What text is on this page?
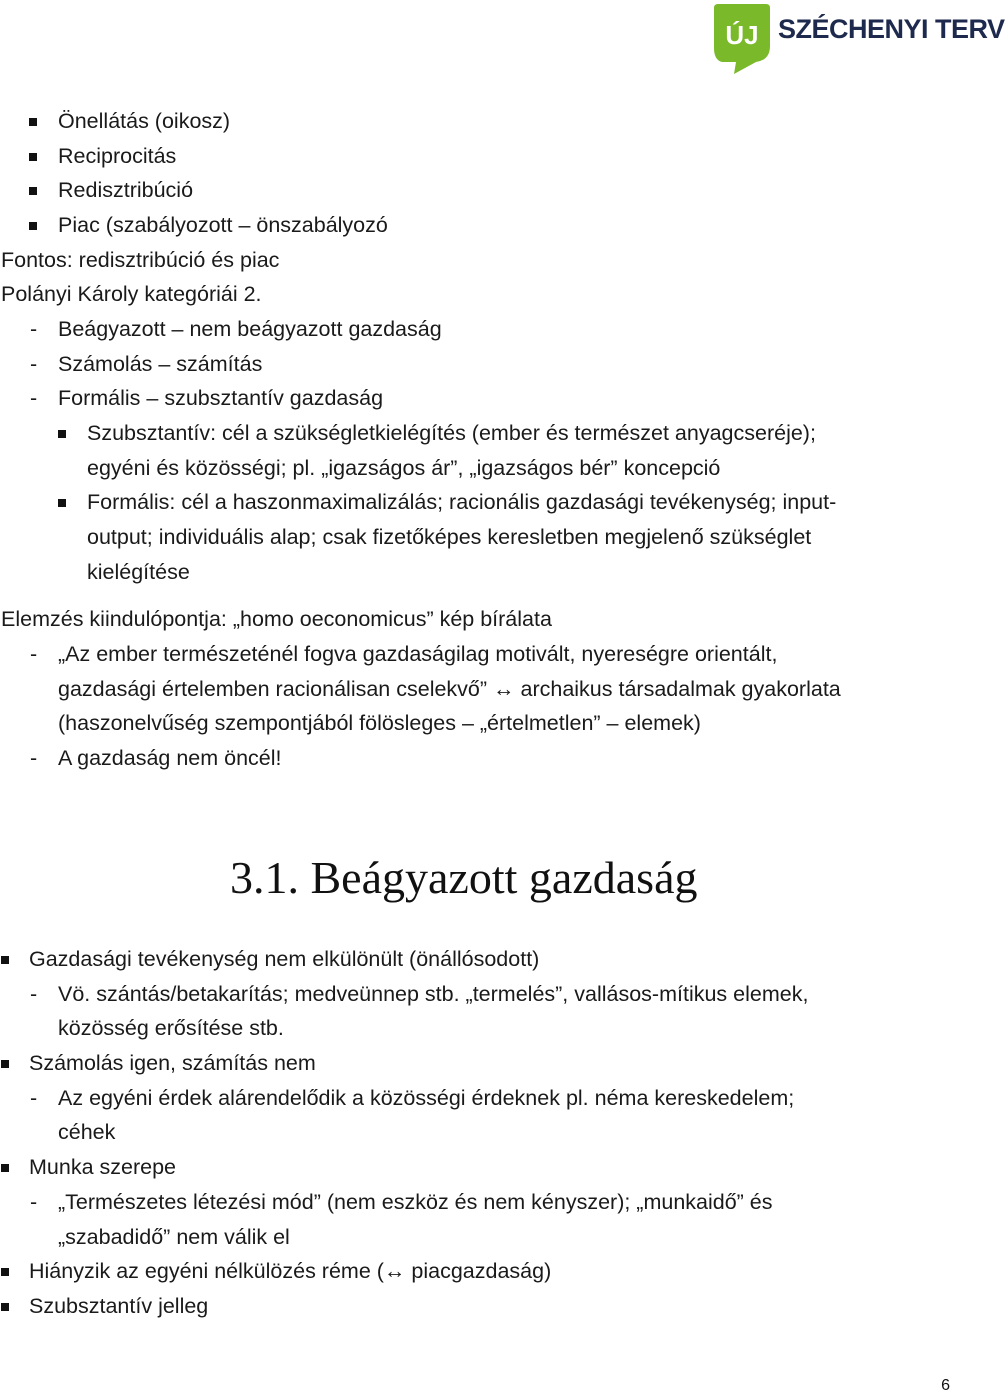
ÚJ SZÉCHENYI TERV
Önellátás (oikosz)
Reciprocitás
Redisztribúció
Piac (szabályozott – önszabályozó
Fontos: redisztribúció és piac
Polányi Károly kategóriái 2.
- Beágyazott – nem beágyazott gazdaság
- Számolás – számítás
- Formális – szubsztantív gazdaság
Szubsztantív: cél a szükségletkielégítés (ember és természet anyagcseréje);
egyéni és közösségi; pl. „igazságos ár”, „igazságos bér” koncepció
Formális: cél a haszonmaximalizálás; racionális gazdasági tevékenység; input-
output; individuális alap; csak fizetőképes keresletben megjelenő szükséglet
kielégítése
Elemzés kiindulópontja: „homo oeconomicus” kép bírálata
- „Az ember természeténél fogva gazdaságilag motivált, nyereségre orientált,
gazdasági értelemben racionálisan cselekvő” ↔ archaikus társadalmak gyakorlata
(haszonelvűség szempontjából fölösleges – „értelmetlen” – elemek)
- A gazdaság nem öncél!
3.1. Beágyazott gazdaság
Gazdasági tevékenység nem elkülönült (önállósodott)
- Vö. szántás/betakarítás; medveünnep stb. „termelés”, vallásos-mítikus elemek,
közösség erősítése stb.
Számolás igen, számítás nem
- Az egyéni érdek alárendelődik a közösségi érdeknek pl. néma kereskedelem;
céhek
Munka szerepe
- „Természetes létezési mód” (nem eszköz és nem kényszer); „munkaidő” és
„szabadidő” nem válik el
Hiányzik az egyéni nélkülözés réme (↔ piacgazdaság)
Szubsztantív jelleg
6
